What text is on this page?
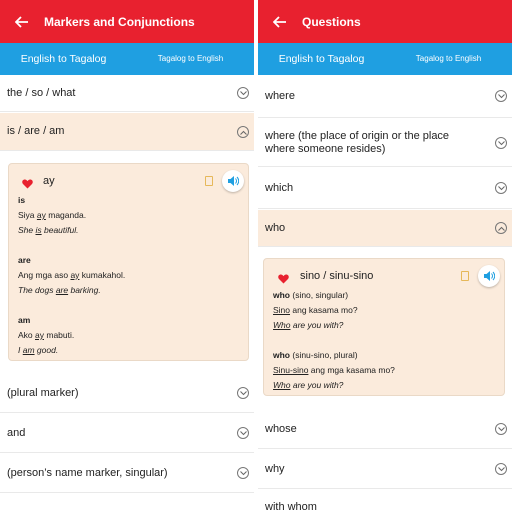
Markers and Conjunctions
English to Tagalog	Tagalog to English
the / so / what
is / are / am
ay
is
Siya ay maganda.
She is beautiful.
are
Ang mga aso ay kumakahol.
The dogs are barking.
am
Ako ay mabuti.
I am good.
(plural marker)
and
(person’s name marker, singular)
Questions
English to Tagalog	Tagalog to English
where
where (the place of origin or the place where someone resides)
which
who
sino / sinu-sino
who (sino, singular)
Sino ang kasama mo?
Who are you with?
who (sinu-sino, plural)
Sinu-sino ang mga kasama mo?
Who are you with?
whose
why
with whom
